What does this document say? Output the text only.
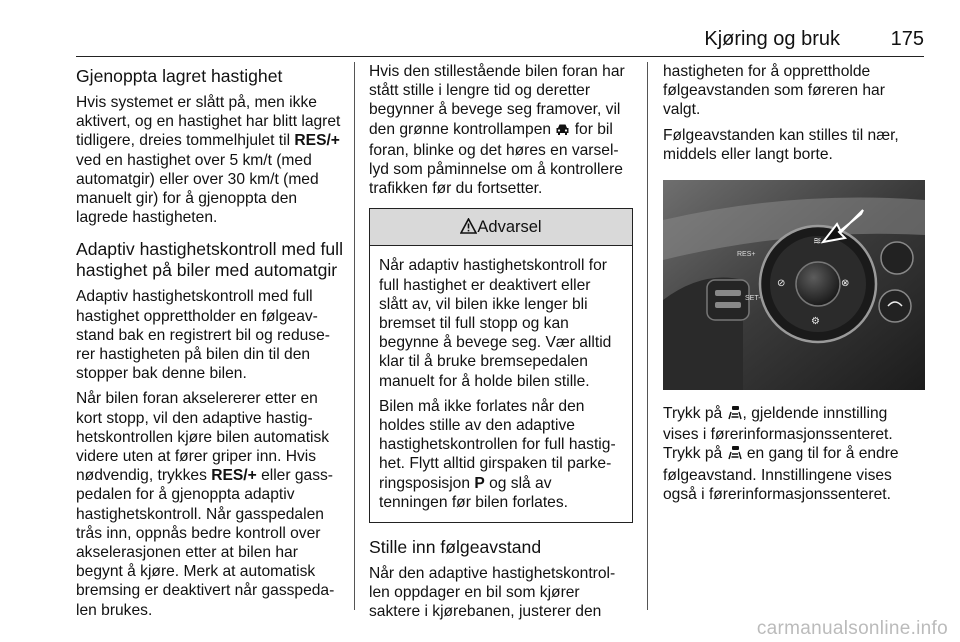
Kjøring og bruk	175
Gjenoppta lagret hastighet

Hvis systemet er slått på, men ikke aktivert, og en hastighet har blitt lagret tidligere, dreies tommelhjulet til RES/+ ved en hastighet over 5 km/t (med automatgir) eller over 30 km/t (med manuelt gir) for å gjenoppta den lagrede hastigheten.

Adaptiv hastighetskontroll med full hastighet på biler med automatgir

Adaptiv hastighetskontroll med full hastighet opprettholder en følgeav-stand bak en registrert bil og reduse-rer hastigheten på bilen din til den stopper bak denne bilen.

Når bilen foran akselererer etter en kort stopp, vil den adaptive hastig-hetskontrollen kjøre bilen automatisk videre uten at fører griper inn. Hvis nødvendig, trykkes RES/+ eller gass-pedalen for å gjenoppta adaptiv hastighetskontroll. Når gasspedalen trås inn, oppnås bedre kontroll over akselerasjonen etter at bilen har begynt å kjøre. Merk at automatisk bremsing er deaktivert når gasspeda-len brukes.

Hvis den stillestående bilen foran har stått stille i lengre tid og deretter begynner å bevege seg framover, vil den grønne kontrollampen  for bil foran, blinke og det høres en varsel-lyd som påminnelse om å kontrollere trafikken før du fortsetter.

Advarsel

Når adaptiv hastighetskontroll for full hastighet er deaktivert eller slått av, vil bilen ikke lenger bli bremset til full stopp og kan begynne å bevege seg. Vær alltid klar til å bruke bremsepedalen manuelt for å holde bilen stille.

Bilen må ikke forlates når den holdes stille av den adaptive hastighetskontrollen for full hastig-het. Flytt alltid girspaken til parke-ringsposisjon P og slå av tenningen før bilen forlates.

Stille inn følgeavstand

Når den adaptive hastighetskontrol-len oppdager en bil som kjører saktere i kjørebanen, justerer den

hastigheten for å opprettholde følgeavstanden som føreren har valgt.

Følgeavstanden kan stilles til nær, middels eller langt borte.

RES+
SET-
≋
⊘	⊗
⚙

Trykk på , gjeldende innstilling vises i førerinformasjonssenteret. Trykk på  en gang til for å endre følgeavstand. Innstillingene vises også i førerinformasjonssenteret.

carmanualsonline.info
